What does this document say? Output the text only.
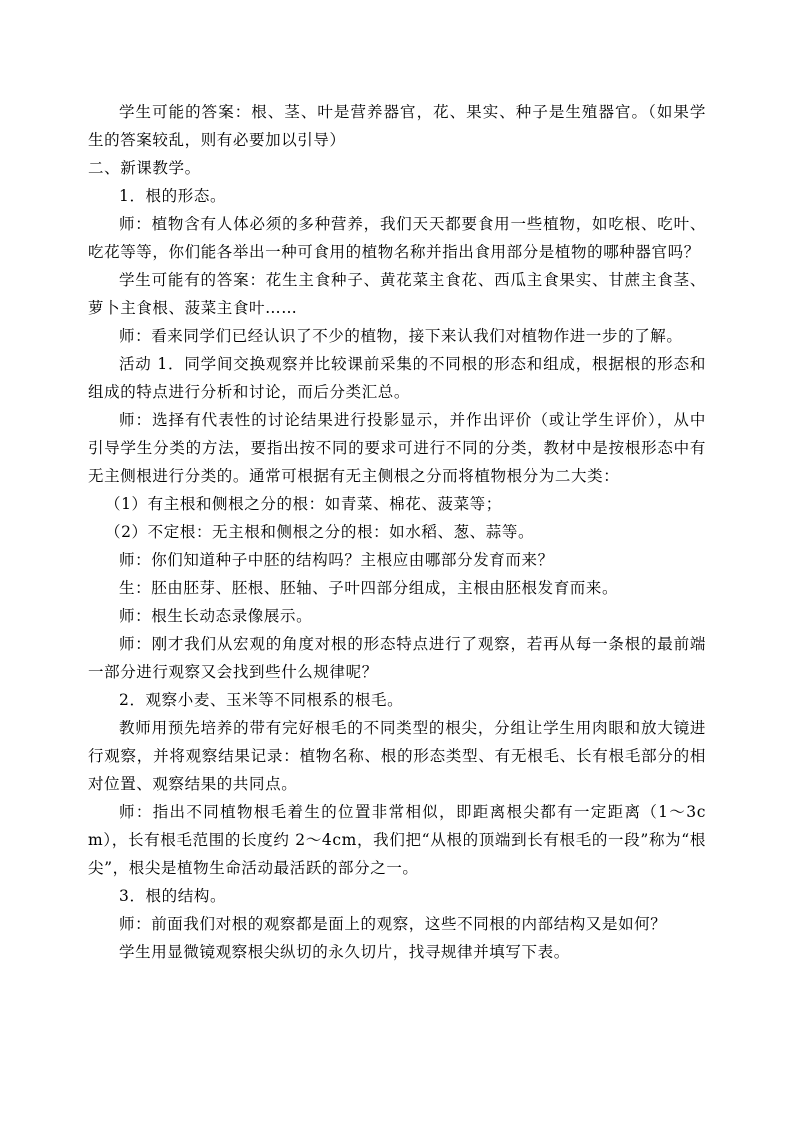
学生可能的答案：根、茎、叶是营养器官，花、果实、种子是生殖器官。（如果学生的答案较乱，则有必要加以引导）

二、新课教学。

1．根的形态。

师：植物含有人体必须的多种营养，我们天天都要食用一些植物，如吃根、吃叶、吃花等等，你们能各举出一种可食用的植物名称并指出食用部分是植物的哪种器官吗？

学生可能有的答案：花生主食种子、黄花菜主食花、西瓜主食果实、甘蔗主食茎、萝卜主食根、菠菜主食叶……

师：看来同学们已经认识了不少的植物，接下来认我们对植物作进一步的了解。

活动 1．同学间交换观察并比较课前采集的不同根的形态和组成，根据根的形态和组成的特点进行分析和讨论，而后分类汇总。

师：选择有代表性的讨论结果进行投影显示，并作出评价（或让学生评价），从中引导学生分类的方法，要指出按不同的要求可进行不同的分类，教材中是按根形态中有无主侧根进行分类的。通常可根据有无主侧根之分而将植物根分为二大类：

（1）有主根和侧根之分的根：如青菜、棉花、菠菜等；

（2）不定根：无主根和侧根之分的根：如水稻、葱、蒜等。

师：你们知道种子中胚的结构吗？主根应由哪部分发育而来？

生：胚由胚芽、胚根、胚轴、子叶四部分组成，主根由胚根发育而来。

师：根生长动态录像展示。

师：刚才我们从宏观的角度对根的形态特点进行了观察，若再从每一条根的最前端一部分进行观察又会找到些什么规律呢？

2．观察小麦、玉米等不同根系的根毛。

教师用预先培养的带有完好根毛的不同类型的根尖，分组让学生用肉眼和放大镜进行观察，并将观察结果记录：植物名称、根的形态类型、有无根毛、长有根毛部分的相对位置、观察结果的共同点。

师：指出不同植物根毛着生的位置非常相似，即距离根尖都有一定距离（1～3cm），长有根毛范围的长度约 2～4cm，我们把“从根的顶端到长有根毛的一段”称为“根尖”，根尖是植物生命活动最活跃的部分之一。

3．根的结构。

师：前面我们对根的观察都是面上的观察，这些不同根的内部结构又是如何？

学生用显微镜观察根尖纵切的永久切片，找寻规律并填写下表。
